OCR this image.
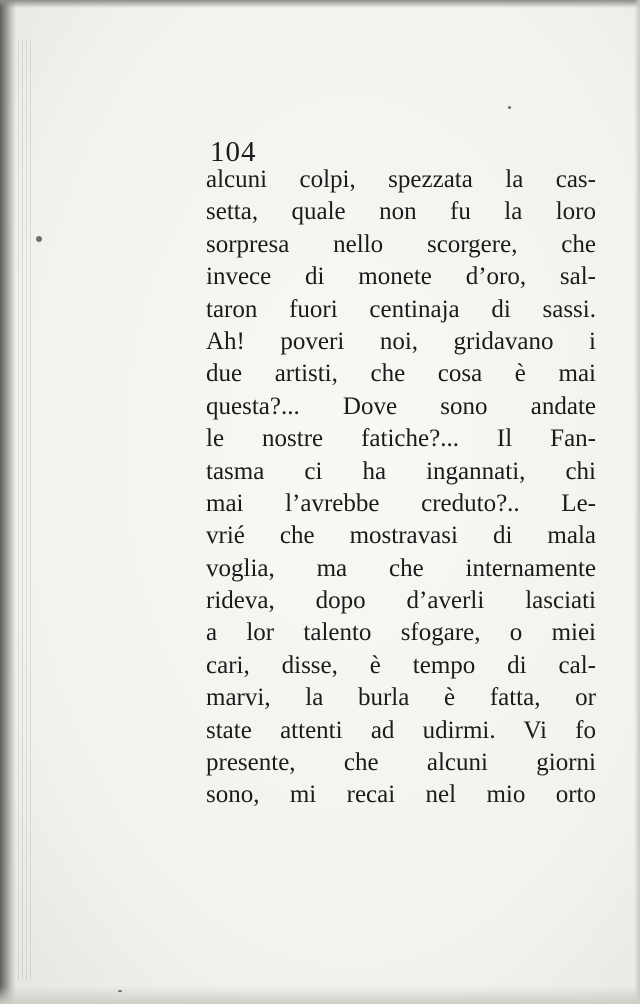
104
alcuni colpi, spezzata la cas-
setta, quale non fu la loro
sorpresa nello scorgere, che
invece di monete d’oro, sal-
taron fuori centinaja di sassi.
Ah! poveri noi, gridavano i
due artisti, che cosa è mai
questa?... Dove sono andate
le nostre fatiche?... Il Fan-
tasma ci ha ingannati, chi
mai l’avrebbe creduto?.. Le-
vrié che mostravasi di mala
voglia, ma che internamente
rideva, dopo d’averli lasciati
a lor talento sfogare, o miei
cari, disse, è tempo di cal-
marvi, la burla è fatta, or
state attenti ad udirmi. Vi fo
presente, che alcuni giorni
sono, mi recai nel mio orto
